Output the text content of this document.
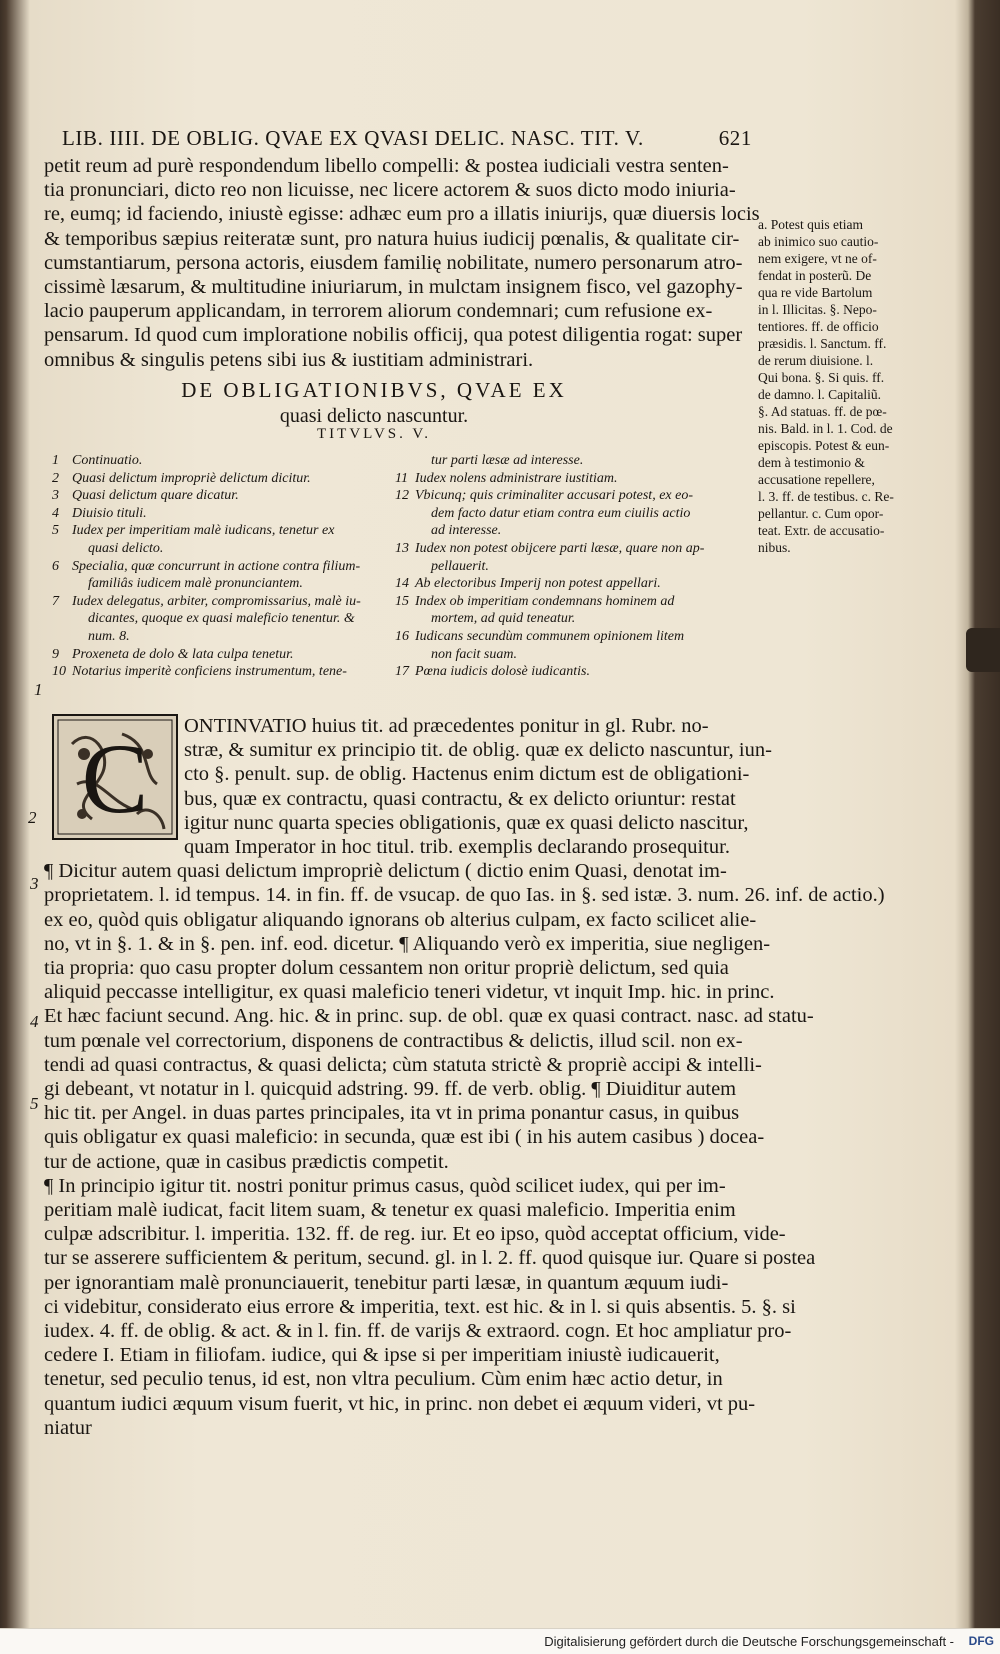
LIB. IIII. DE OBLIG. QVAE EX QVASI DELIC. NASC. TIT. V.	621
petit reum ad purè respondendum libello compelli: & postea iudiciali vestra senten-
tia pronunciari, dicto reo non licuisse, nec licere actorem & suos dicto modo iniuria-
re, eumq; id faciendo, iniustè egisse: adhæc eum pro a illatis iniurijs, quæ diuersis locis
& temporibus sæpius reiteratæ sunt, pro natura huius iudicij pœnalis, & qualitate cir-
cumstantiarum, persona actoris, eiusdem familię nobilitate, numero personarum atro-
cissimè læsarum, & multitudine iniuriarum, in mulctam insignem fisco, vel gazophy-
lacio pauperum applicandam, in terrorem aliorum condemnari; cum refusione ex-
pensarum. Id quod cum imploratione nobilis officij, qua potest diligentia rogat: super
omnibus & singulis petens sibi ius & iustitiam administrari.
a. Potest quis etiam
ab inimico suo cautio-
nem exigere, vt ne of-
fendat in posterũ. De
qua re vide Bartolum
in l. Illicitas. §. Nepo-
tentiores. ff. de officio
præsidis. l. Sanctum. ff.
de rerum diuisione. l.
Qui bona. §. Si quis. ff.
de damno. l. Capitaliũ.
§. Ad statuas. ff. de pœ-
nis. Bald. in l. 1. Cod. de
episcopis. Potest & eun-
dem à testimonio &
accusatione repellere,
l. 3. ff. de testibus. c. Re-
pellantur. c. Cum opor-
teat. Extr. de accusatio-
nibus.
DE OBLIGATIONIBVS, QVAE EX
quasi delicto nascuntur.
TITVLVS. V.
1 Continuatio.
2 Quasi delictum impropriè delictum dicitur.
3 Quasi delictum quare dicatur.
4 Diuisio tituli.
5 Iudex per imperitiam malè iudicans, tenetur ex
quasi delicto.
6 Specialia, quæ concurrunt in actione contra filium-
familiâs iudicem malè pronunciantem.
7 Iudex delegatus, arbiter, compromissarius, malè iu-
dicantes, quoque ex quasi maleficio tenentur. &
num. 8.
9 Proxeneta de dolo & lata culpa tenetur.
10 Notarius imperitè conficiens instrumentum, tene-
tur parti læsæ ad interesse.
11 Iudex nolens administrare iustitiam.
12 Vbicunq; quis criminaliter accusari potest, ex eo-
dem facto datur etiam contra eum ciuilis actio
ad interesse.
13 Iudex non potest obijcere parti læsæ, quare non ap-
pellauerit.
14 Ab electoribus Imperij non potest appellari.
15 Index ob imperitiam condemnans hominem ad
mortem, ad quid teneatur.
16 Iudicans secundùm communem opinionem litem
non facit suam.
17 Pœna iudicis dolosè iudicantis.
C	ONTINVATIO huius tit. ad præcedentes ponitur in gl. Rubr. no-
stræ, & sumitur ex principio tit. de oblig. quæ ex delicto nascuntur, iun-
cto §. penult. sup. de oblig. Hactenus enim dictum est de obligationi-
bus, quæ ex contractu, quasi contractu, & ex delicto oriuntur: restat
igitur nunc quarta species obligationis, quæ ex quasi delicto nascitur,
quam Imperator in hoc titul. trib. exemplis declarando prosequitur.
¶ Dicitur autem quasi delictum impropriè delictum ( dictio enim Quasi, denotat im-
proprietatem. l. id tempus. 14. in fin. ff. de vsucap. de quo Ias. in §. sed istæ. 3. num. 26. inf. de actio.)
ex eo, quòd quis obligatur aliquando ignorans ob alterius culpam, ex facto scilicet alie-
no, vt in §. 1. & in §. pen. inf. eod. dicetur. ¶ Aliquando verò ex imperitia, siue negligen-
tia propria: quo casu propter dolum cessantem non oritur propriè delictum, sed quia
aliquid peccasse intelligitur, ex quasi maleficio teneri videtur, vt inquit Imp. hic. in princ.
Et hæc faciunt secund. Ang. hic. & in princ. sup. de obl. quæ ex quasi contract. nasc. ad statu-
tum pœnale vel correctorium, disponens de contractibus & delictis, illud scil. non ex-
tendi ad quasi contractus, & quasi delicta; cùm statuta strictè & propriè accipi & intelli-
gi debeant, vt notatur in l. quicquid adstring. 99. ff. de verb. oblig. ¶ Diuiditur autem
hic tit. per Angel. in duas partes principales, ita vt in prima ponantur casus, in quibus
quis obligatur ex quasi maleficio: in secunda, quæ est ibi ( in his autem casibus ) doceа-
tur de actione, quæ in casibus prædictis competit.
¶ In principio igitur tit. nostri ponitur primus casus, quòd scilicet iudex, qui per im-
peritiam malè iudicat, facit litem suam, & tenetur ex quasi maleficio. Imperitia enim
culpæ adscribitur. l. imperitia. 132. ff. de reg. iur. Et eo ipso, quòd acceptat officium, vide-
tur se asserere sufficientem & peritum, secund. gl. in l. 2. ff. quod quisque iur. Quare si postea
per ignorantiam malè pronunciauerit, tenebitur parti læsæ, in quantum æquum iudi-
ci videbitur, considerato eius errore & imperitia, text. est hic. & in l. si quis absentis. 5. §. si
iudex. 4. ff. de oblig. & act. & in l. fin. ff. de varijs & extraord. cogn. Et hoc ampliatur pro-
cedere I. Etiam in filiofam. iudice, qui & ipse si per imperitiam iniustè iudicauerit,
tenetur, sed peculio tenus, id est, non vltra peculium. Cùm enim hæc actio detur, in
quantum iudici æquum visum fuerit, vt hic, in princ. non debet ei æquum videri, vt pu-
niatur
1
2
3
4
5
Digitalisierung gefördert durch die Deutsche Forschungsgemeinschaft - DFG
